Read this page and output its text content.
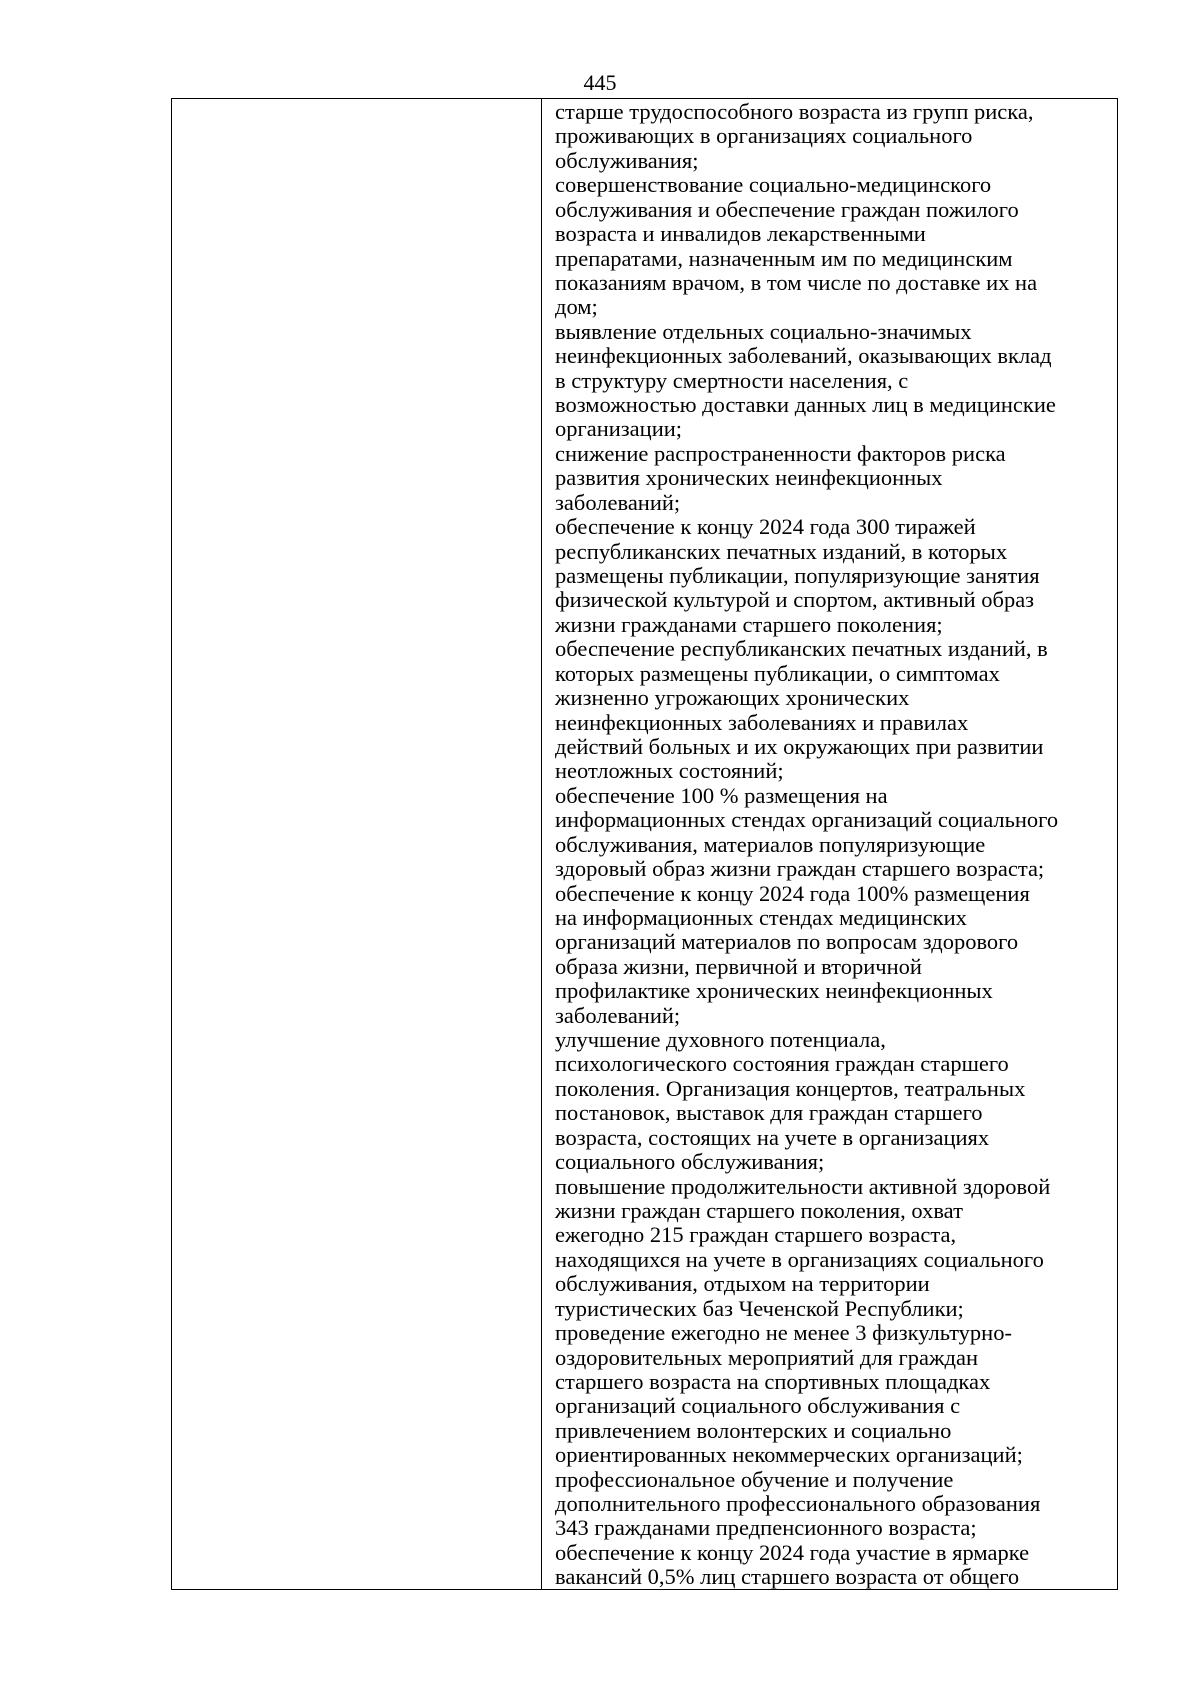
445
старше трудоспособного возраста из групп риска,
проживающих в организациях социального
обслуживания;
совершенствование социально-медицинского
обслуживания и обеспечение граждан пожилого
возраста и инвалидов лекарственными
препаратами, назначенным им по медицинским
показаниям врачом, в том числе по доставке их на
дом;
выявление отдельных социально-значимых
неинфекционных заболеваний, оказывающих вклад
в структуру смертности населения, с
возможностью доставки данных лиц в медицинские
организации;
снижение распространенности факторов риска
развития хронических неинфекционных
заболеваний;
обеспечение к концу 2024 года 300 тиражей
республиканских печатных изданий, в которых
размещены публикации, популяризующие занятия
физической культурой и спортом, активный образ
жизни гражданами старшего поколения;
обеспечение республиканских печатных изданий, в
которых размещены публикации, о симптомах
жизненно угрожающих хронических
неинфекционных заболеваниях и правилах
действий больных и их окружающих при развитии
неотложных состояний;
обеспечение 100 % размещения на
информационных стендах организаций социального
обслуживания, материалов популяризующие
здоровый образ жизни граждан старшего возраста;
обеспечение к концу 2024 года 100% размещения
на информационных стендах медицинских
организаций материалов по вопросам здорового
образа жизни, первичной и вторичной
профилактике хронических неинфекционных
заболеваний;
улучшение духовного потенциала,
психологического состояния граждан старшего
поколения. Организация концертов, театральных
постановок, выставок для граждан старшего
возраста, состоящих на учете в организациях
социального обслуживания;
повышение продолжительности активной здоровой
жизни граждан старшего поколения, охват
ежегодно 215 граждан старшего возраста,
находящихся на учете в организациях социального
обслуживания, отдыхом на территории
туристических баз Чеченской Республики;
проведение ежегодно не менее 3 физкультурно-
оздоровительных мероприятий для граждан
старшего возраста на спортивных площадках
организаций социального обслуживания с
привлечением волонтерских и социально
ориентированных некоммерческих организаций;
профессиональное обучение и получение
дополнительного профессионального образования
343 гражданами предпенсионного возраста;
обеспечение к концу 2024 года участие в ярмарке
вакансий 0,5% лиц старшего возраста от общего
